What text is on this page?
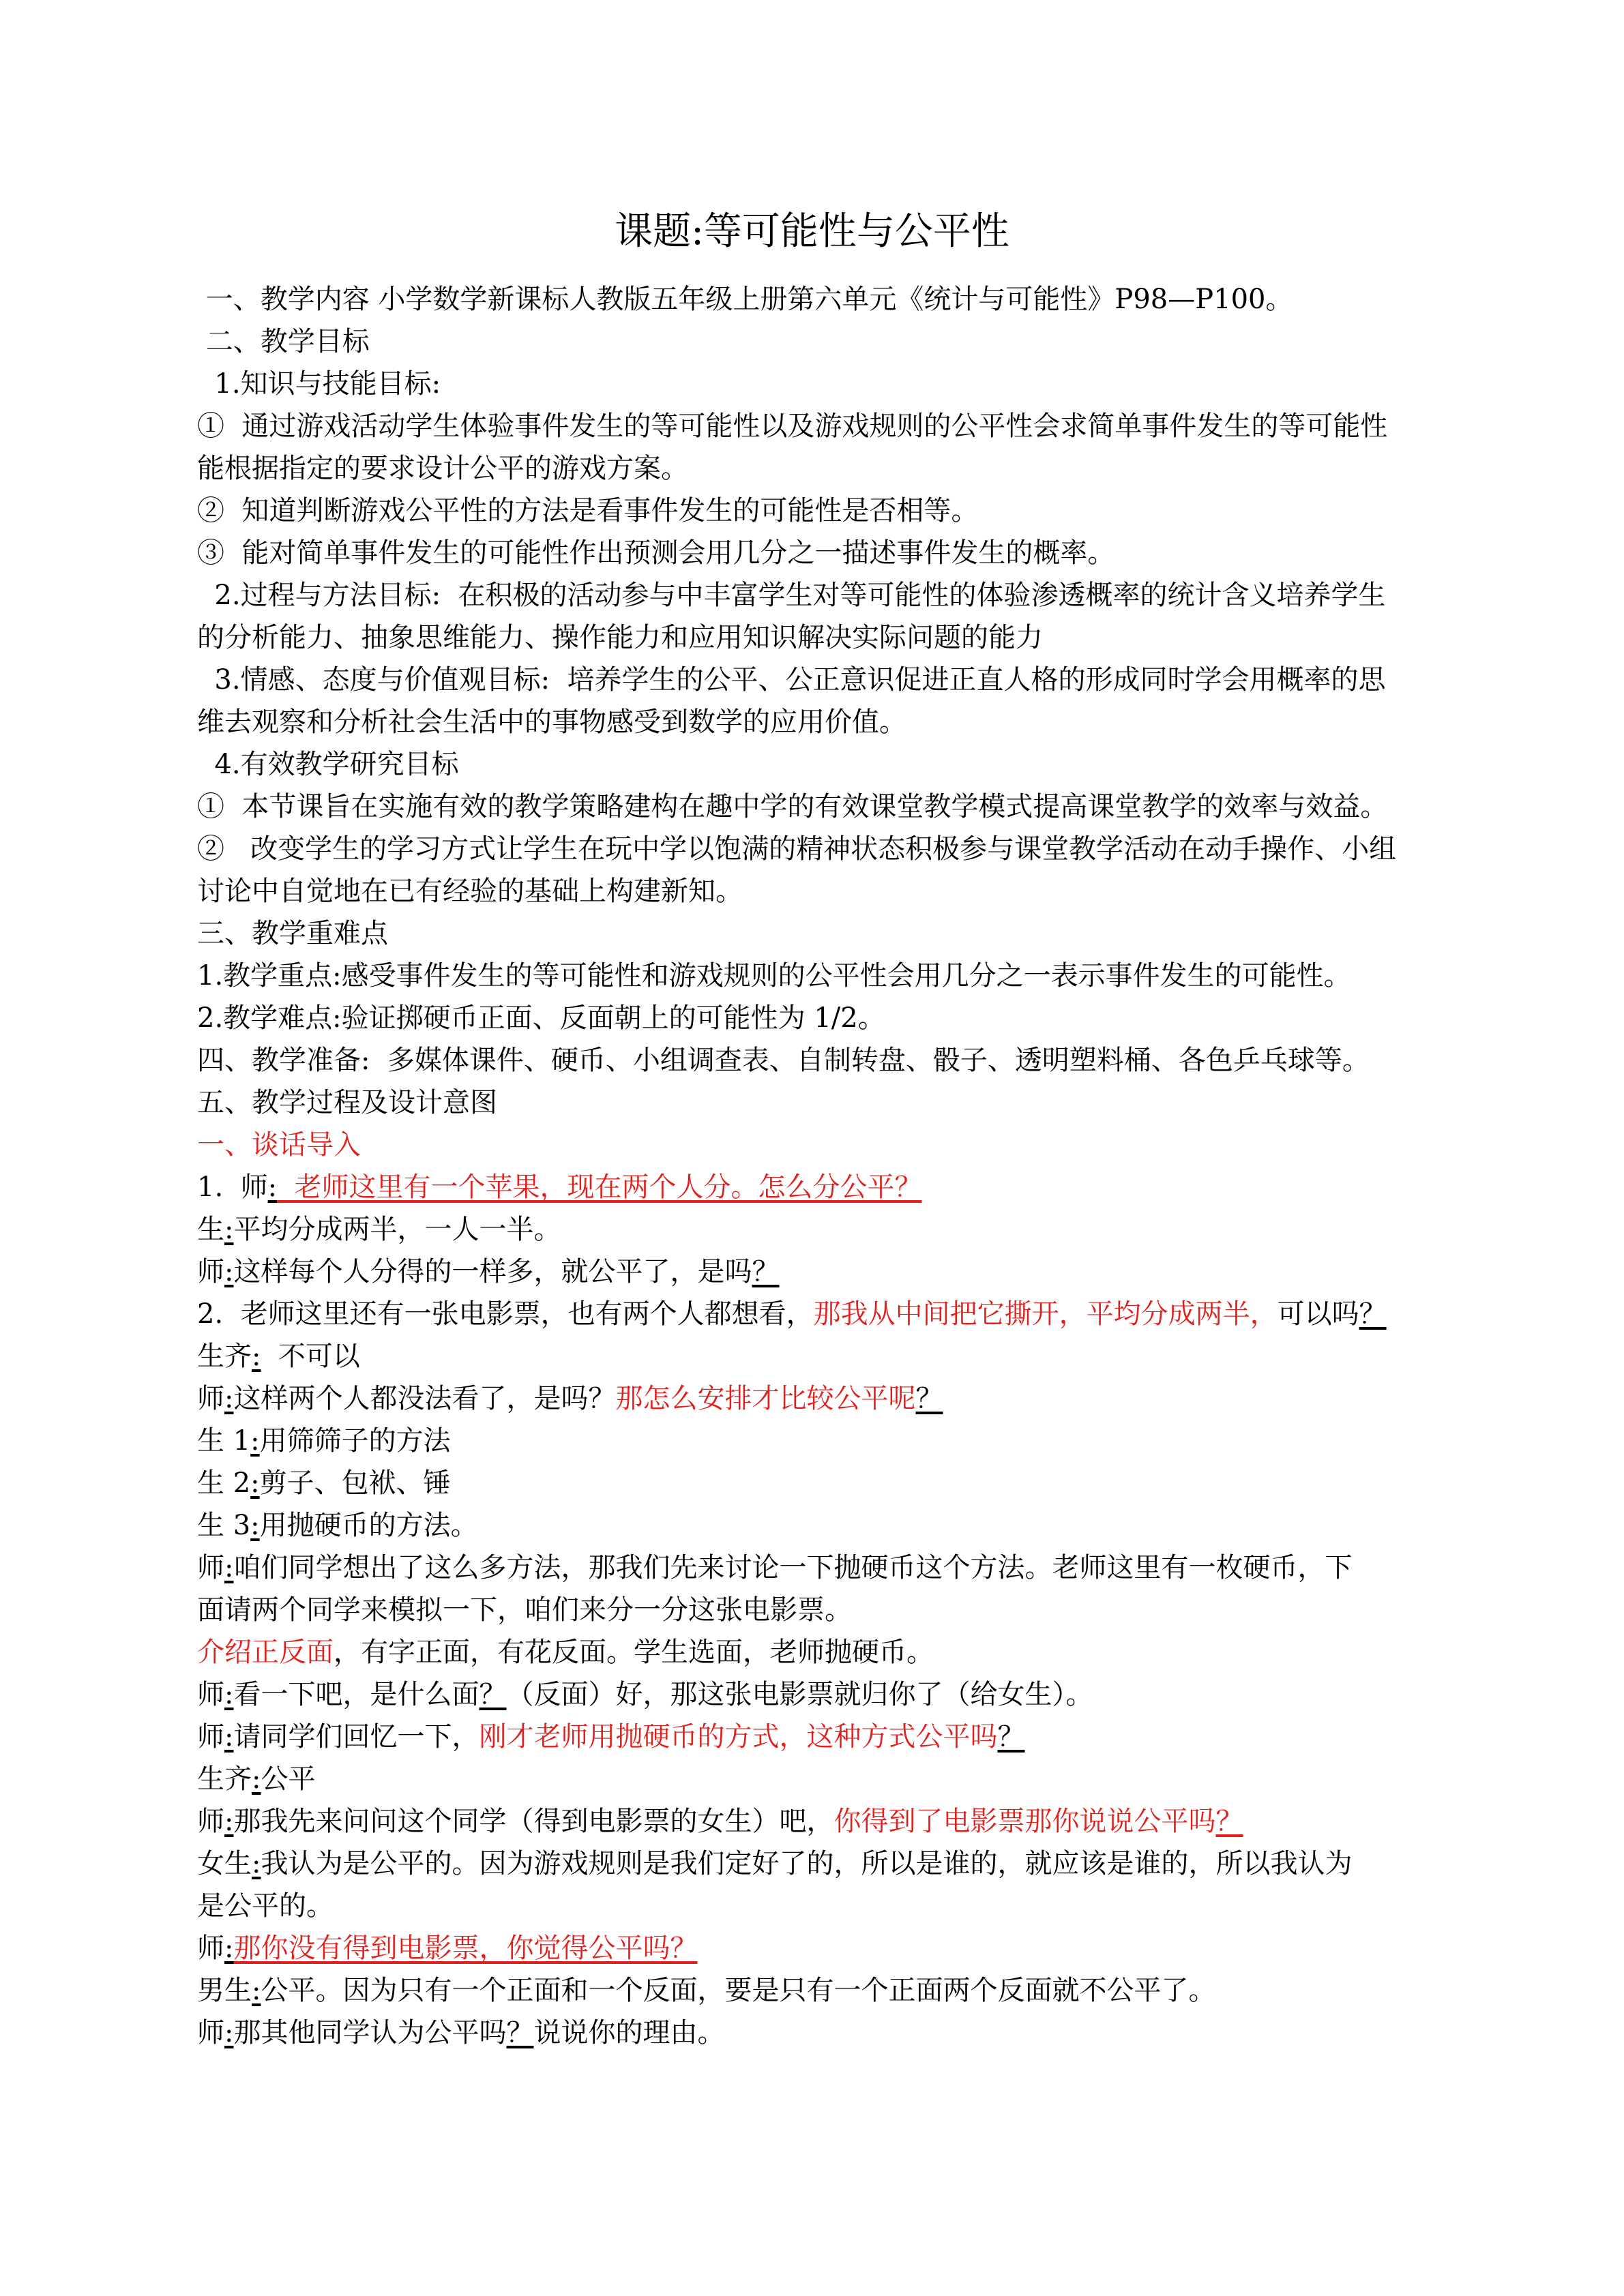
课题:等可能性与公平性
一、教学内容 小学数学新课标人教版五年级上册第六单元《统计与可能性》P98—P100。
二、教学目标
1.知识与技能目标:
①  通过游戏活动学生体验事件发生的等可能性以及游戏规则的公平性会求简单事件发生的等可能性
能根据指定的要求设计公平的游戏方案。
②  知道判断游戏公平性的方法是看事件发生的可能性是否相等。
③  能对简单事件发生的可能性作出预测会用几分之一描述事件发生的概率。
2.过程与方法目标:  在积极的活动参与中丰富学生对等可能性的体验渗透概率的统计含义培养学生
的分析能力、抽象思维能力、操作能力和应用知识解决实际问题的能力
3.情感、态度与价值观目标:  培养学生的公平、公正意识促进正直人格的形成同时学会用概率的思
维去观察和分析社会生活中的事物感受到数学的应用价值。
4.有效教学研究目标
①  本节课旨在实施有效的教学策略建构在趣中学的有效课堂教学模式提高课堂教学的效率与效益。
②   改变学生的学习方式让学生在玩中学以饱满的精神状态积极参与课堂教学活动在动手操作、小组
讨论中自觉地在已有经验的基础上构建新知。
三、教学重难点
1.教学重点:感受事件发生的等可能性和游戏规则的公平性会用几分之一表示事件发生的可能性。
2.教学难点:验证掷硬币正面、反面朝上的可能性为 1/2。
四、教学准备:  多媒体课件、硬币、小组调查表、自制转盘、骰子、透明塑料桶、各色乒乓球等。
五、教学过程及设计意图
一、谈话导入
1.  师:  老师这里有一个苹果，现在两个人分。怎么分公平？
生:平均分成两半，一人一半。
师:这样每个人分得的一样多，就公平了，是吗？
2.  老师这里还有一张电影票，也有两个人都想看，那我从中间把它撕开，平均分成两半，可以吗？
生齐:  不可以
师:这样两个人都没法看了，是吗？那怎么安排才比较公平呢？
生 1:用筛筛子的方法
生 2:剪子、包袱、锤
生 3:用抛硬币的方法。
师:咱们同学想出了这么多方法，那我们先来讨论一下抛硬币这个方法。老师这里有一枚硬币，下
面请两个同学来模拟一下，咱们来分一分这张电影票。
介绍正反面，有字正面，有花反面。学生选面，老师抛硬币。
师:看一下吧，是什么面？（反面）好，那这张电影票就归你了（给女生）。
师:请同学们回忆一下，刚才老师用抛硬币的方式，这种方式公平吗？
生齐:公平
师:那我先来问问这个同学（得到电影票的女生）吧，你得到了电影票那你说说公平吗？
女生:我认为是公平的。因为游戏规则是我们定好了的，所以是谁的，就应该是谁的，所以我认为
是公平的。
师:那你没有得到电影票，你觉得公平吗？
男生:公平。因为只有一个正面和一个反面，要是只有一个正面两个反面就不公平了。
师:那其他同学认为公平吗？说说你的理由。
